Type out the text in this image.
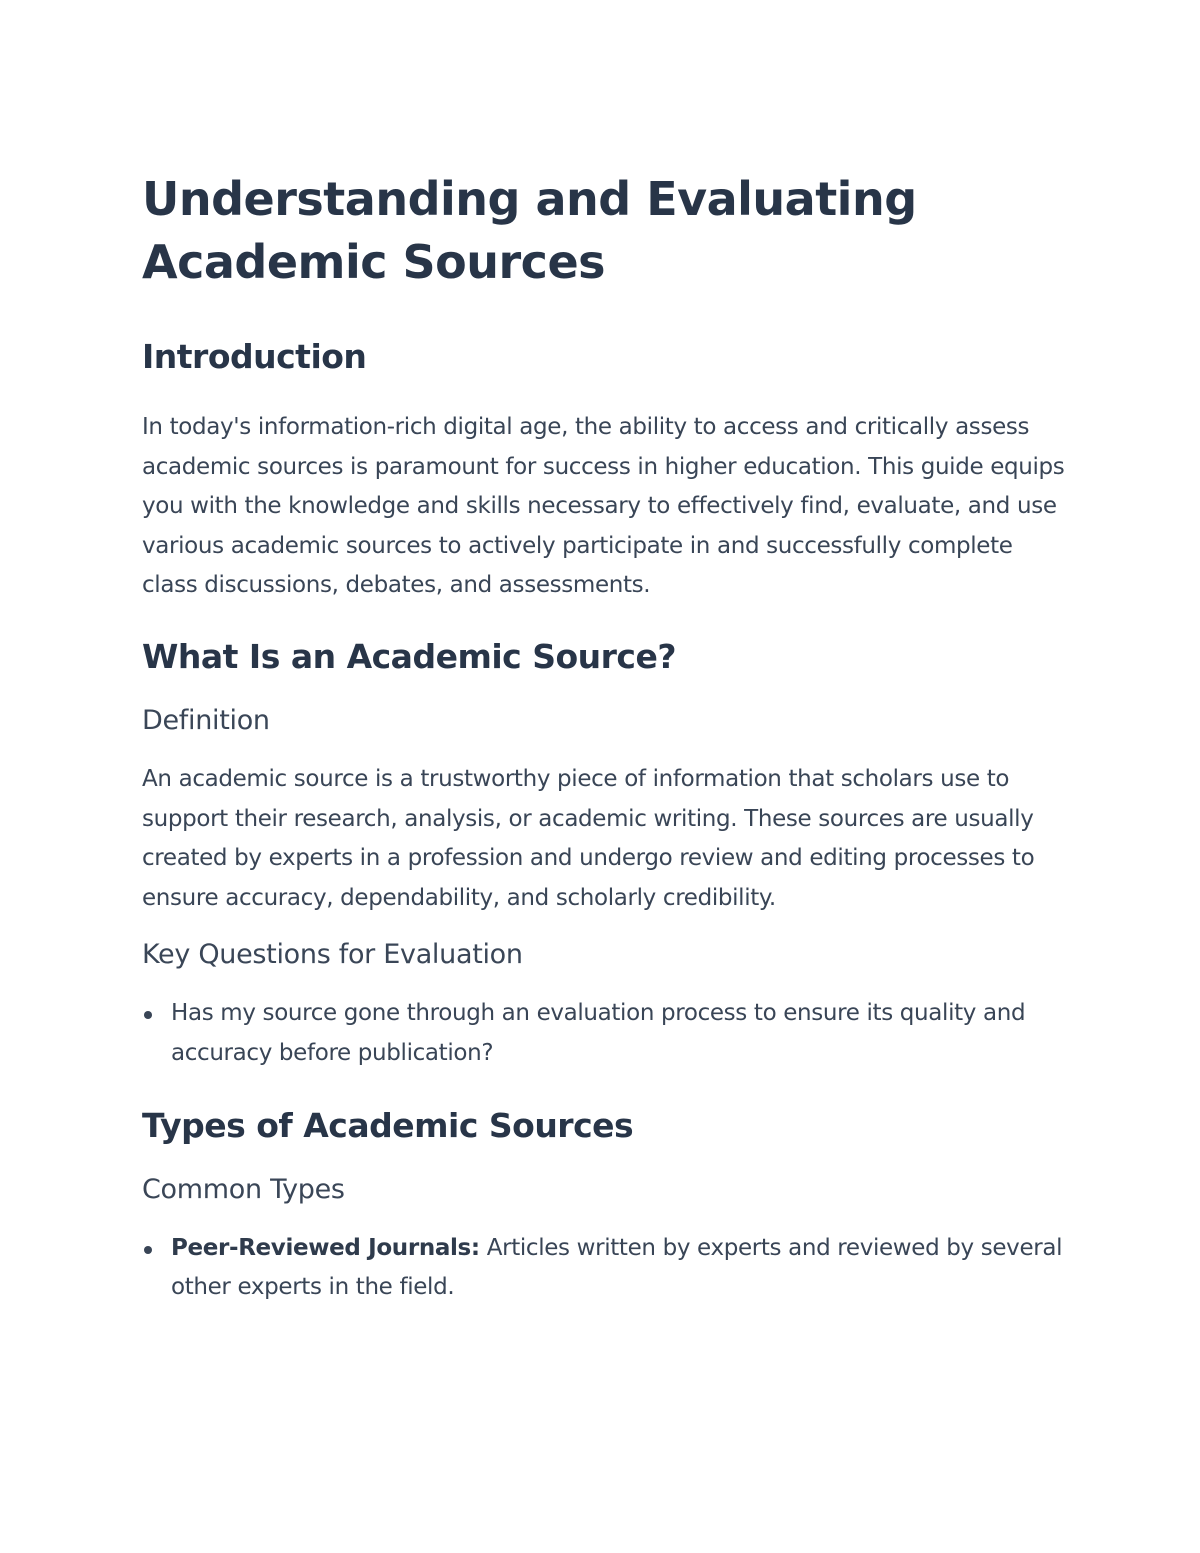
Understanding and Evaluating Academic Sources
Introduction

In today's information-rich digital age, the ability to access and critically assess academic sources is paramount for success in higher education. This guide equips you with the knowledge and skills necessary to effectively find, evaluate, and use various academic sources to actively participate in and successfully complete class discussions, debates, and assessments.

What Is an Academic Source?
Definition

An academic source is a trustworthy piece of information that scholars use to support their research, analysis, or academic writing. These sources are usually created by experts in a profession and undergo review and editing processes to ensure accuracy, dependability, and scholarly credibility.

Key Questions for Evaluation
Has my source gone through an evaluation process to ensure its quality and accuracy before publication?
Types of Academic Sources
Common Types
Peer-Reviewed Journals: Articles written by experts and reviewed by several other experts in the field.
